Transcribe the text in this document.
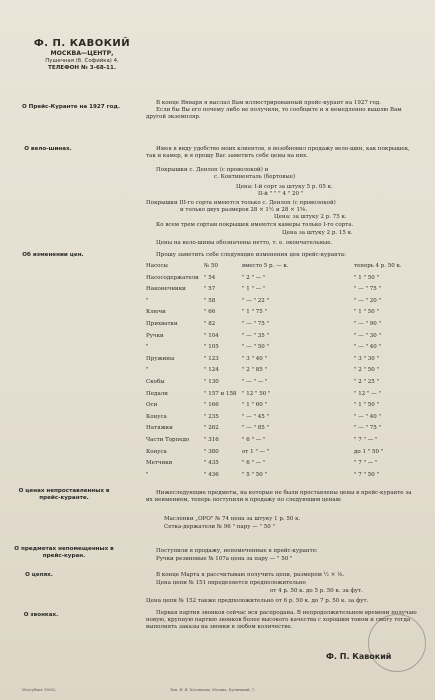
Ф. П. КАВОКИЙ
МОСКВА—ЦЕНТР,
Пушечная (б. Софийка) 4.
ТЕЛЕФОН № 3-68-11.
О Прейс-Куранте на 1927 год.
В конце Января я выслал Вам иллюстрированный прейс-курант на 1927 год.
Если бы Вы его почему либо не получили, то сообщите и я немедленно вышлю Вам другой экземпляр.
О вело-шинах.	Имея в виду удобство моих клиентов, я возобновил продажу вело-шин, как покрышек, так и камер, и я прошу Вас заметить себе цены на них.
Покрышки с. Денлоп (с проволокой) и
с. Континенталь (бортовые)
Цена: I-й сорт за штуку 5 р. 05 к.
II-й " " " 4 " 20 "
Покрышки III-го сорта имеются только с. Денлоп (с проволокой)
и только двух размеров 28 × 1½ и 28 × 1⅝.
Цена: за штуку 2 р. 75 к.
Ко всем трем сортам покрышек имеются камеры только I-го сорта.
Цена за штуку 2 р. 15 к.
Цены на вело-шины обозначены нетто, т. е. окончательные.
Об изменении цен.	Прошу заметить себе следующие изменения цен прейс-куранта:
Насосы	№ 50	вместо 5 р. — к.	теперь 4 р. 50 к.
Насосодержатели " 54	" 2 " — "	" 1 " 50 "
Наконечники	" 57	" 1 " — "	" — " 75 "
"	" 58	" — " 22 "	" — " 20 "
Ключи	" 66	" 1 " 75 "	" 1 " 50 "
Прихватки	" 82	" — " 75 "	" — " 90 "
Ручки	" 104	" — " 35 "	" — " 30 "
"	" 105	" — " 50 "	" — " 40 "
Пружины	" 123	" 3 " 40 "	" 3 " 30 "
"	" 124	" 2 " 85 "	" 2 " 50 "
Скобы	" 130	" — " — "	" 2 " 25 "
Педали	" 157 и 158 " 12 " 50 "	" 12 " — "
Оси	" 166	" 1 " 60 "	" 1 " 50 "
Конуса	" 235	" — " 45 "	" — " 40 "
Натяжки	" 262	" — " 85 "	" — " 75 "
Части Торпедо	" 316	" 6 " — "	" 7 " — "
Конуса	" 380	от 1 " — "	до 1 " 50 "
Метчики	" 435	" 6 " — "	" 7 " — "
"	" 436	" 5 " 50 "	" 7 " 50 "
О ценах непроставленных в прейс-куранте.
Нижеследующие предметы, на которые не были проставлены цены в прейс-куранте за их неимением, теперь поступили в продажу по следующим ценам:
Масленки „ОРО" № 74 цена за штуку 1 р. 50 к.
Сетка-держатели № 96 " пару — " 50 "
О предметах непомещенных в прейс-куран.
Поступили в продажу, непомеченные в прейс-куранте:
Ручки резиновые № 107а цена за пару — " 50 "
О цепях.	В конце Марта я рассчитываю получить цепи, размером ½ × ⅛.
Цена цепи № 151 определяется предположительно
от 4 р. 50 к. до 5 р. 50 к. за фут.
Цена цепи № 152 также предположительно от 6 р. 50 к. до 7 р. 50 к. за фут.
О звонках.	Первая партия звонков сейчас вся распродана. В непродолжительном времени получаю новую, крупную партию звонков более высокого качества с хорошим тоном и смогу тогда выполнять заказы на звонки в любом количестве.
Ф. П. Кавокий
Мосгублит 10652.	Тип. Я. Я. Косенкова, Москва, Кузнецкий, 7.
